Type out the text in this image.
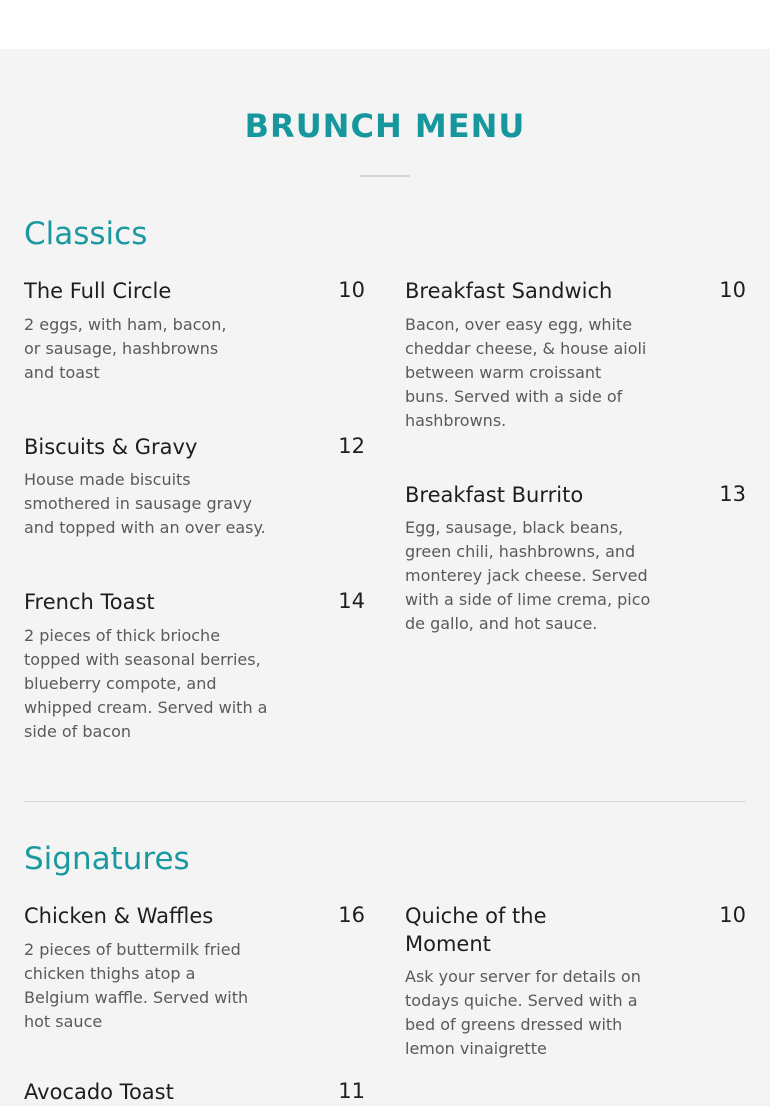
BRUNCH MENU
Classics
The Full Circle	10
2 eggs, with ham, bacon,
or sausage, hashbrowns
and toast
Breakfast Sandwich	10
Bacon, over easy egg, white
cheddar cheese, & house aioli
between warm croissant
buns. Served with a side of
hashbrowns.
Biscuits & Gravy	12
House made biscuits
smothered in sausage gravy
and topped with an over easy.
Breakfast Burrito	13
Egg, sausage, black beans,
green chili, hashbrowns, and
monterey jack cheese. Served
with a side of lime crema, pico
de gallo, and hot sauce.
French Toast	14
2 pieces of thick brioche
topped with seasonal berries,
blueberry compote, and
whipped cream. Served with a
side of bacon
Signatures
Chicken & Waffles	16
2 pieces of buttermilk fried
chicken thighs atop a
Belgium waffle. Served with
hot sauce
Quiche of the
Moment
10
Ask your server for details on
todays quiche. Served with a
bed of greens dressed with
lemon vinaigrette
Avocado Toast	11
